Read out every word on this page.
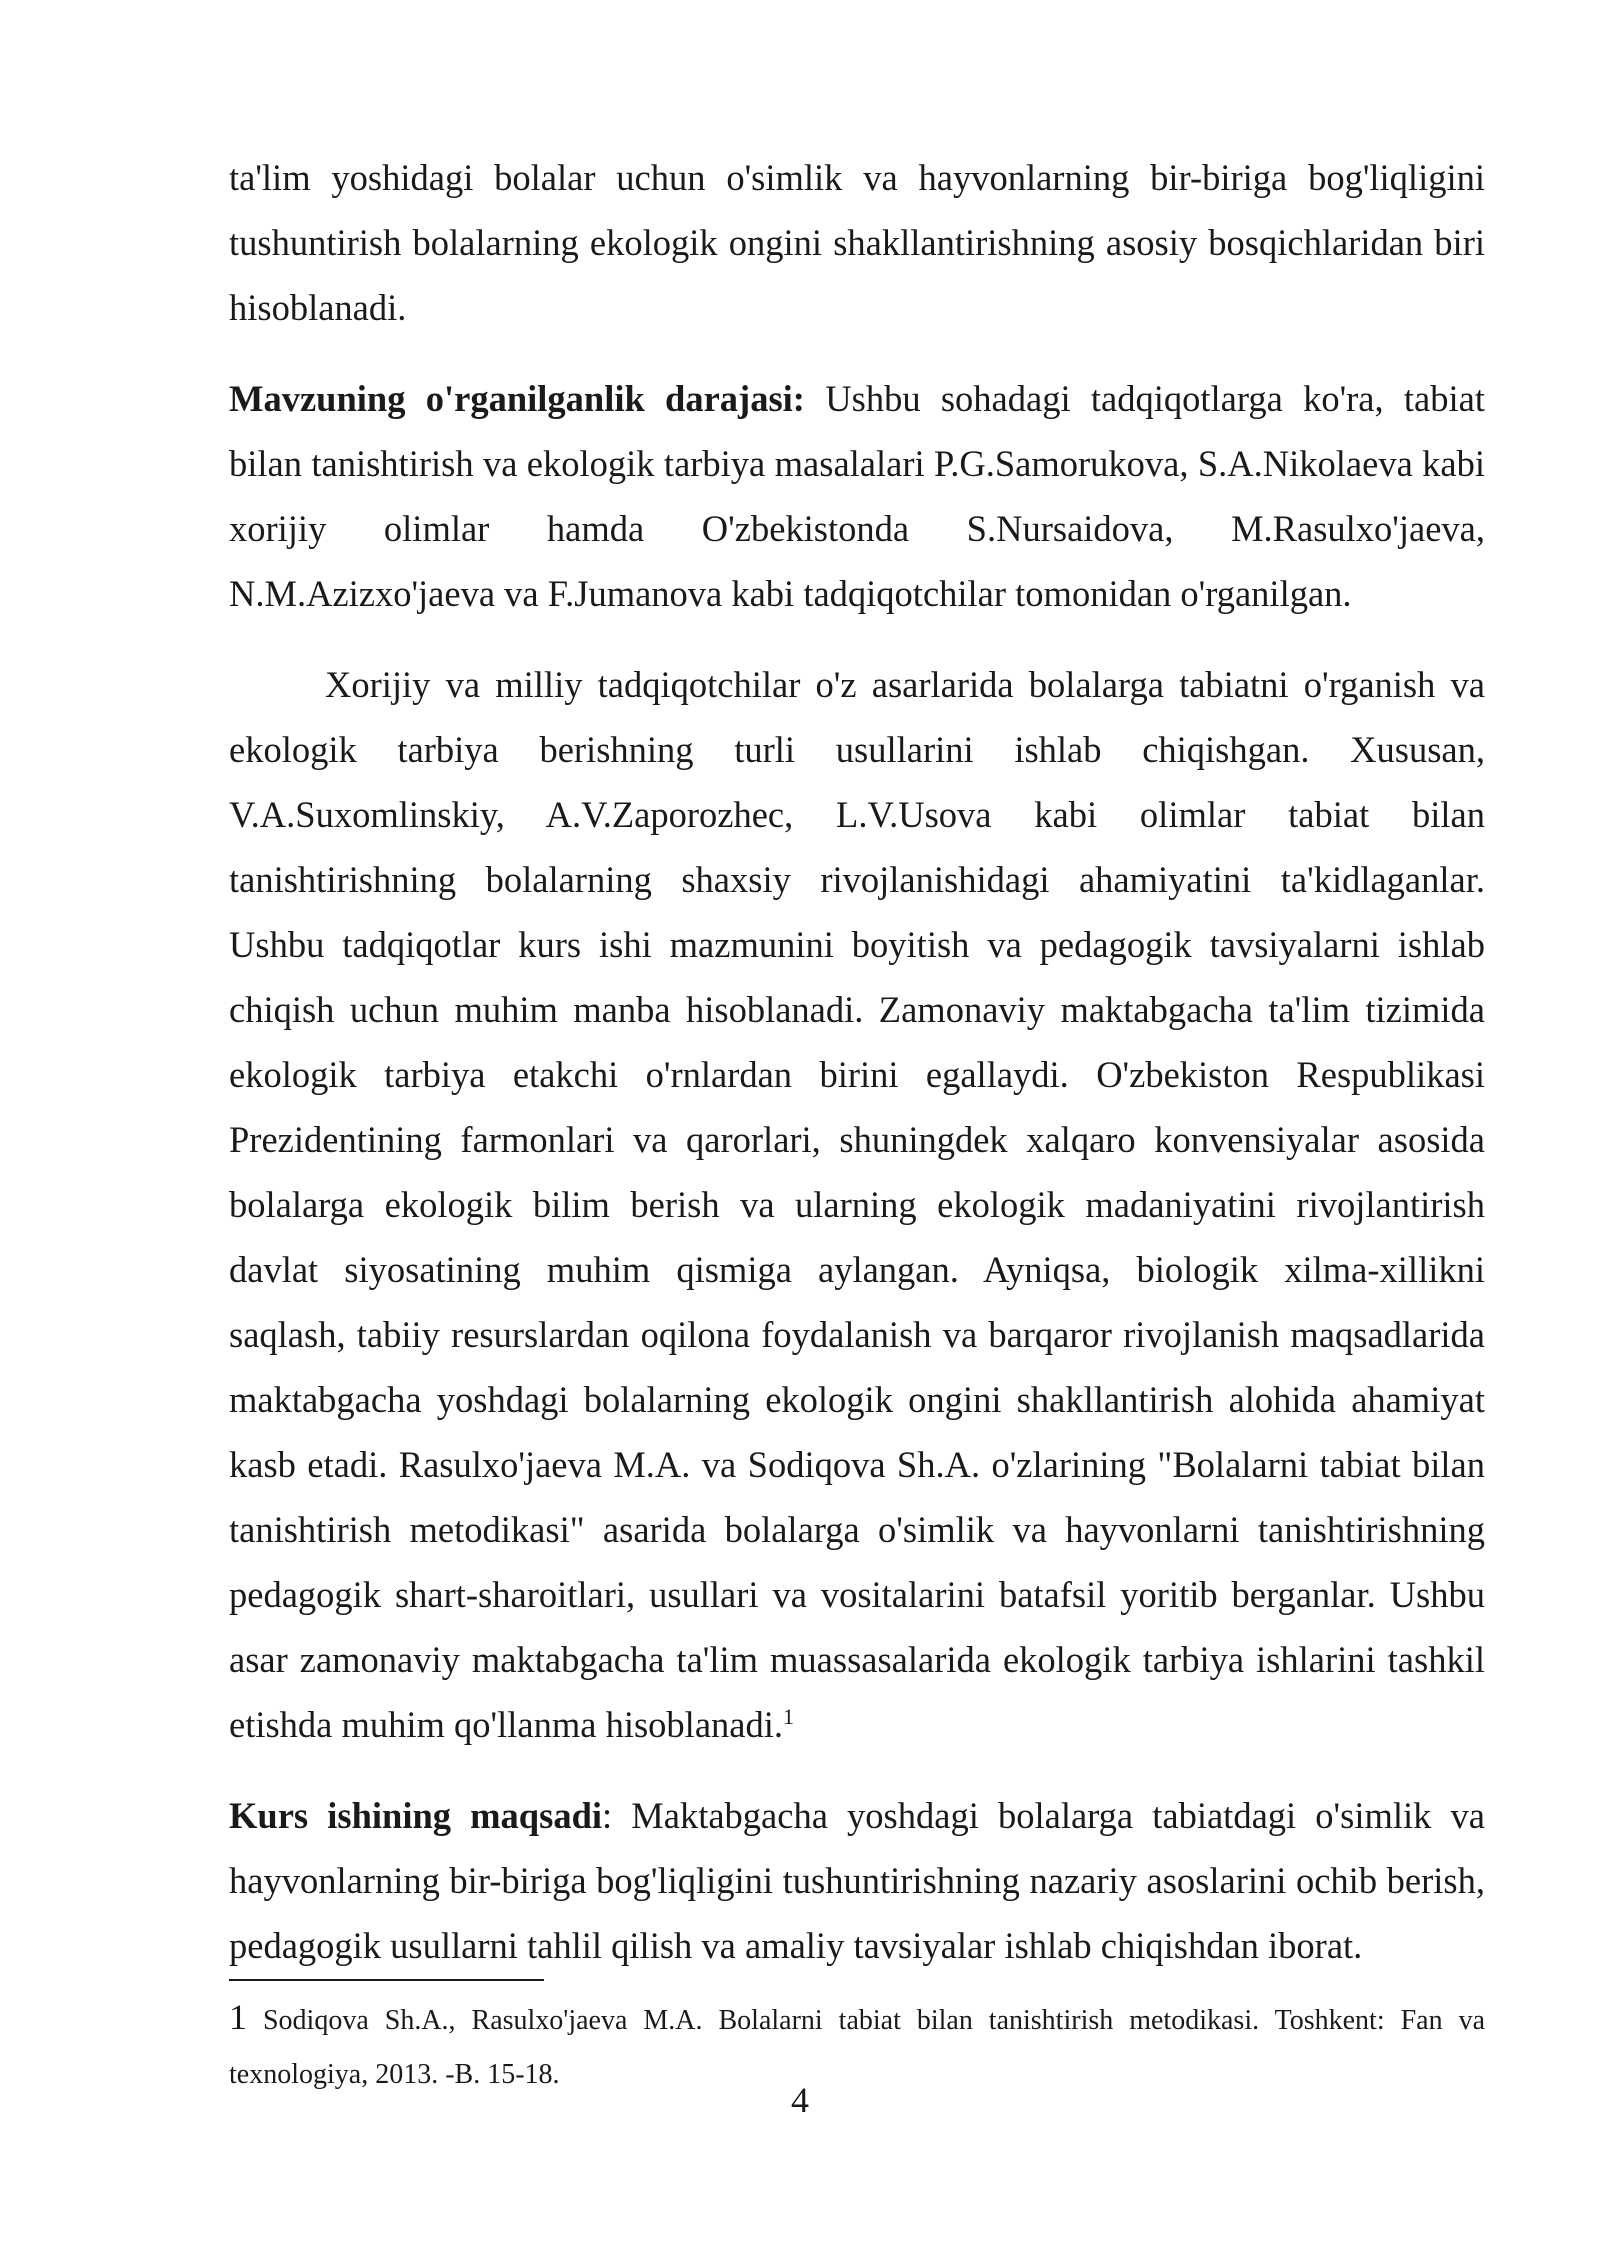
ta'lim yoshidagi bolalar uchun o'simlik va hayvonlarning bir-biriga bog'liqligini tushuntirish bolalarning ekologik ongini shakllantirishning asosiy bosqichlaridan biri hisoblanadi.

Mavzuning o'rganilganlik darajasi: Ushbu sohadagi tadqiqotlarga ko'ra, tabiat bilan tanishtirish va ekologik tarbiya masalalari P.G.Samorukova, S.A.Nikolaeva kabi xorijiy olimlar hamda O'zbekistonda S.Nursaidova, M.Rasulxo'jaeva, N.M.Azizxo'jaeva va F.Jumanova kabi tadqiqotchilar tomonidan o'rganilgan.

Xorijiy va milliy tadqiqotchilar o'z asarlarida bolalarga tabiatni o'rganish va ekologik tarbiya berishning turli usullarini ishlab chiqishgan. Xususan, V.A.Suxomlinskiy, A.V.Zaporozhec, L.V.Usova kabi olimlar tabiat bilan tanishtirishning bolalarning shaxsiy rivojlanishidagi ahamiyatini ta'kidlaganlar. Ushbu tadqiqotlar kurs ishi mazmunini boyitish va pedagogik tavsiyalarni ishlab chiqish uchun muhim manba hisoblanadi. Zamonaviy maktabgacha ta'lim tizimida ekologik tarbiya etakchi o'rnlardan birini egallaydi. O'zbekiston Respublikasi Prezidentining farmonlari va qarorlari, shuningdek xalqaro konvensiyalar asosida bolalarga ekologik bilim berish va ularning ekologik madaniyatini rivojlantirish davlat siyosatining muhim qismiga aylangan. Ayniqsa, biologik xilma-xillikni saqlash, tabiiy resurslardan oqilona foydalanish va barqaror rivojlanish maqsadlarida maktabgacha yoshdagi bolalarning ekologik ongini shakllantirish alohida ahamiyat kasb etadi. Rasulxo'jaeva M.A. va Sodiqova Sh.A. o'zlarining "Bolalarni tabiat bilan tanishtirish metodikasi" asarida bolalarga o'simlik va hayvonlarni tanishtirishning pedagogik shart-sharoitlari, usullari va vositalarini batafsil yoritib berganlar. Ushbu asar zamonaviy maktabgacha ta'lim muassasalarida ekologik tarbiya ishlarini tashkil etishda muhim qo'llanma hisoblanadi.$^1$

Kurs ishining maqsadi: Maktabgacha yoshdagi bolalarga tabiatdagi o'simlik va hayvonlarning bir-biriga bog'liqligini tushuntirishning nazariy asoslarini ochib berish, pedagogik usullarni tahlil qilish va amaliy tavsiyalar ishlab chiqishdan iborat.

1 Sodiqova Sh.A., Rasulxo'jaeva M.A. Bolalarni tabiat bilan tanishtirish metodikasi. Toshkent: Fan va texnologiya, 2013. -B. 15-18.

4
